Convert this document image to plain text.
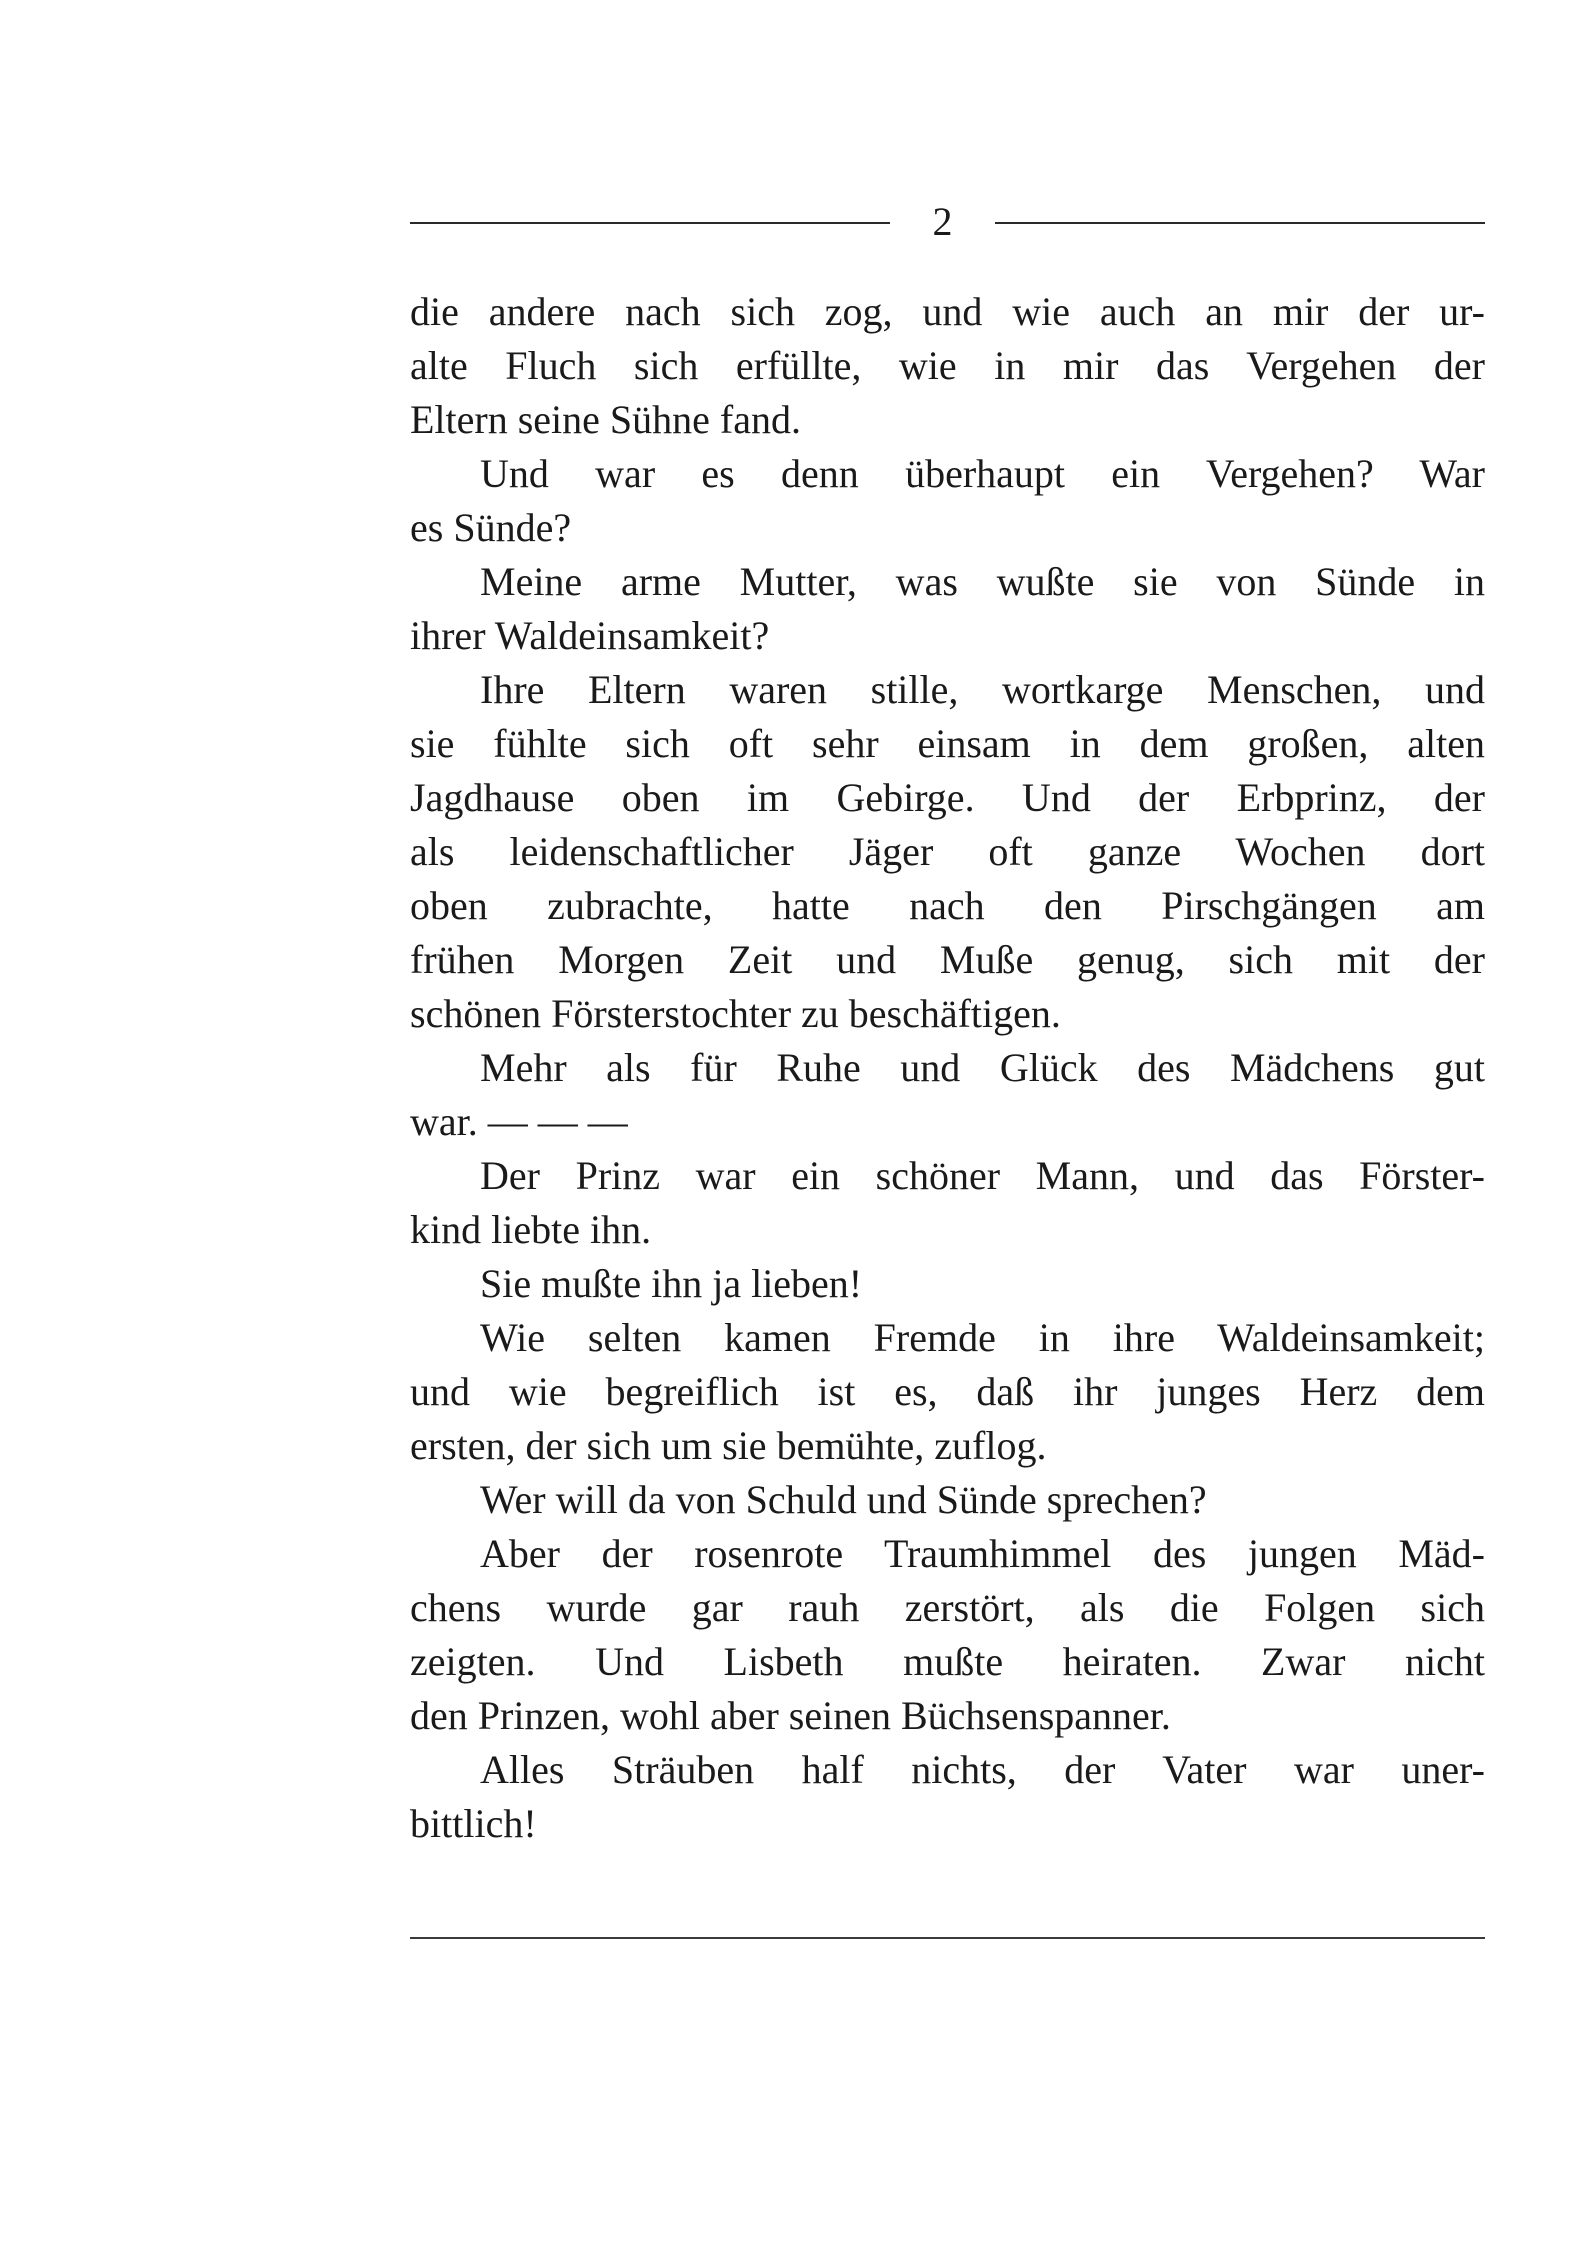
2
die andere nach sich zog, und wie auch an mir der ur-
alte Fluch sich erfüllte, wie in mir das Vergehen der
Eltern seine Sühne fand.
Und war es denn überhaupt ein Vergehen? War
es Sünde?
Meine arme Mutter, was wußte sie von Sünde in
ihrer Waldeinsamkeit?
Ihre Eltern waren stille, wortkarge Menschen, und
sie fühlte sich oft sehr einsam in dem großen, alten
Jagdhause oben im Gebirge. Und der Erbprinz, der
als leidenschaftlicher Jäger oft ganze Wochen dort
oben zubrachte, hatte nach den Pirschgängen am
frühen Morgen Zeit und Muße genug, sich mit der
schönen Försterstochter zu beschäftigen.
Mehr als für Ruhe und Glück des Mädchens gut
war. — — —
Der Prinz war ein schöner Mann, und das Förster-
kind liebte ihn.
Sie mußte ihn ja lieben!
Wie selten kamen Fremde in ihre Waldeinsamkeit;
und wie begreiflich ist es, daß ihr junges Herz dem
ersten, der sich um sie bemühte, zuflog.
Wer will da von Schuld und Sünde sprechen?
Aber der rosenrote Traumhimmel des jungen Mäd-
chens wurde gar rauh zerstört, als die Folgen sich
zeigten. Und Lisbeth mußte heiraten. Zwar nicht
den Prinzen, wohl aber seinen Büchsenspanner.
Alles Sträuben half nichts, der Vater war uner-
bittlich!
